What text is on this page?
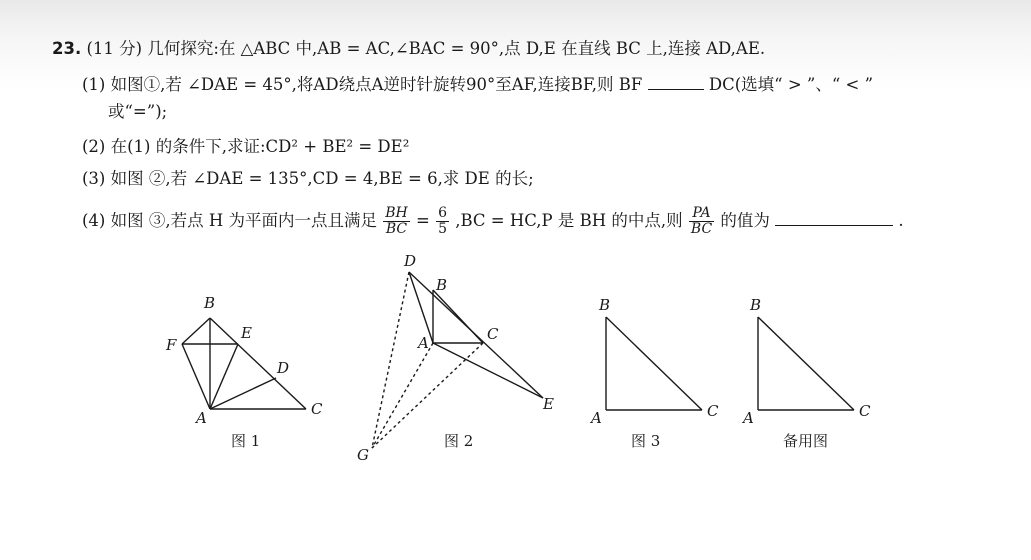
23. (11 分) 几何探究:在 △ABC 中,AB = AC,∠BAC = 90°,点 D,E 在直线 BC 上,连接 AD,AE.
(1) 如图①,若 ∠DAE = 45°,将AD绕点A逆时针旋转90°至AF,连接BF,则 BF	DC(选填“ > ”、“ < ”
或“=”);
(2) 在(1) 的条件下,求证:CD² + BE² = DE²
(3) 如图 ②,若 ∠DAE = 135°,CD = 4,BE = 6,求 DE 的长;
(4) 如图 ③,若点 H 为平面内一点且满足 $\frac{BH}{BC} = \frac{6}{5} ,BC = HC,P$ 是 BH 的中点,则 $\frac{PA}{BC}$ 的值为	.
B
F
E
D
A	C
图 1
D
B
C
A
E
G
图 2
B
A	C
图 3
B
A	C
备用图
